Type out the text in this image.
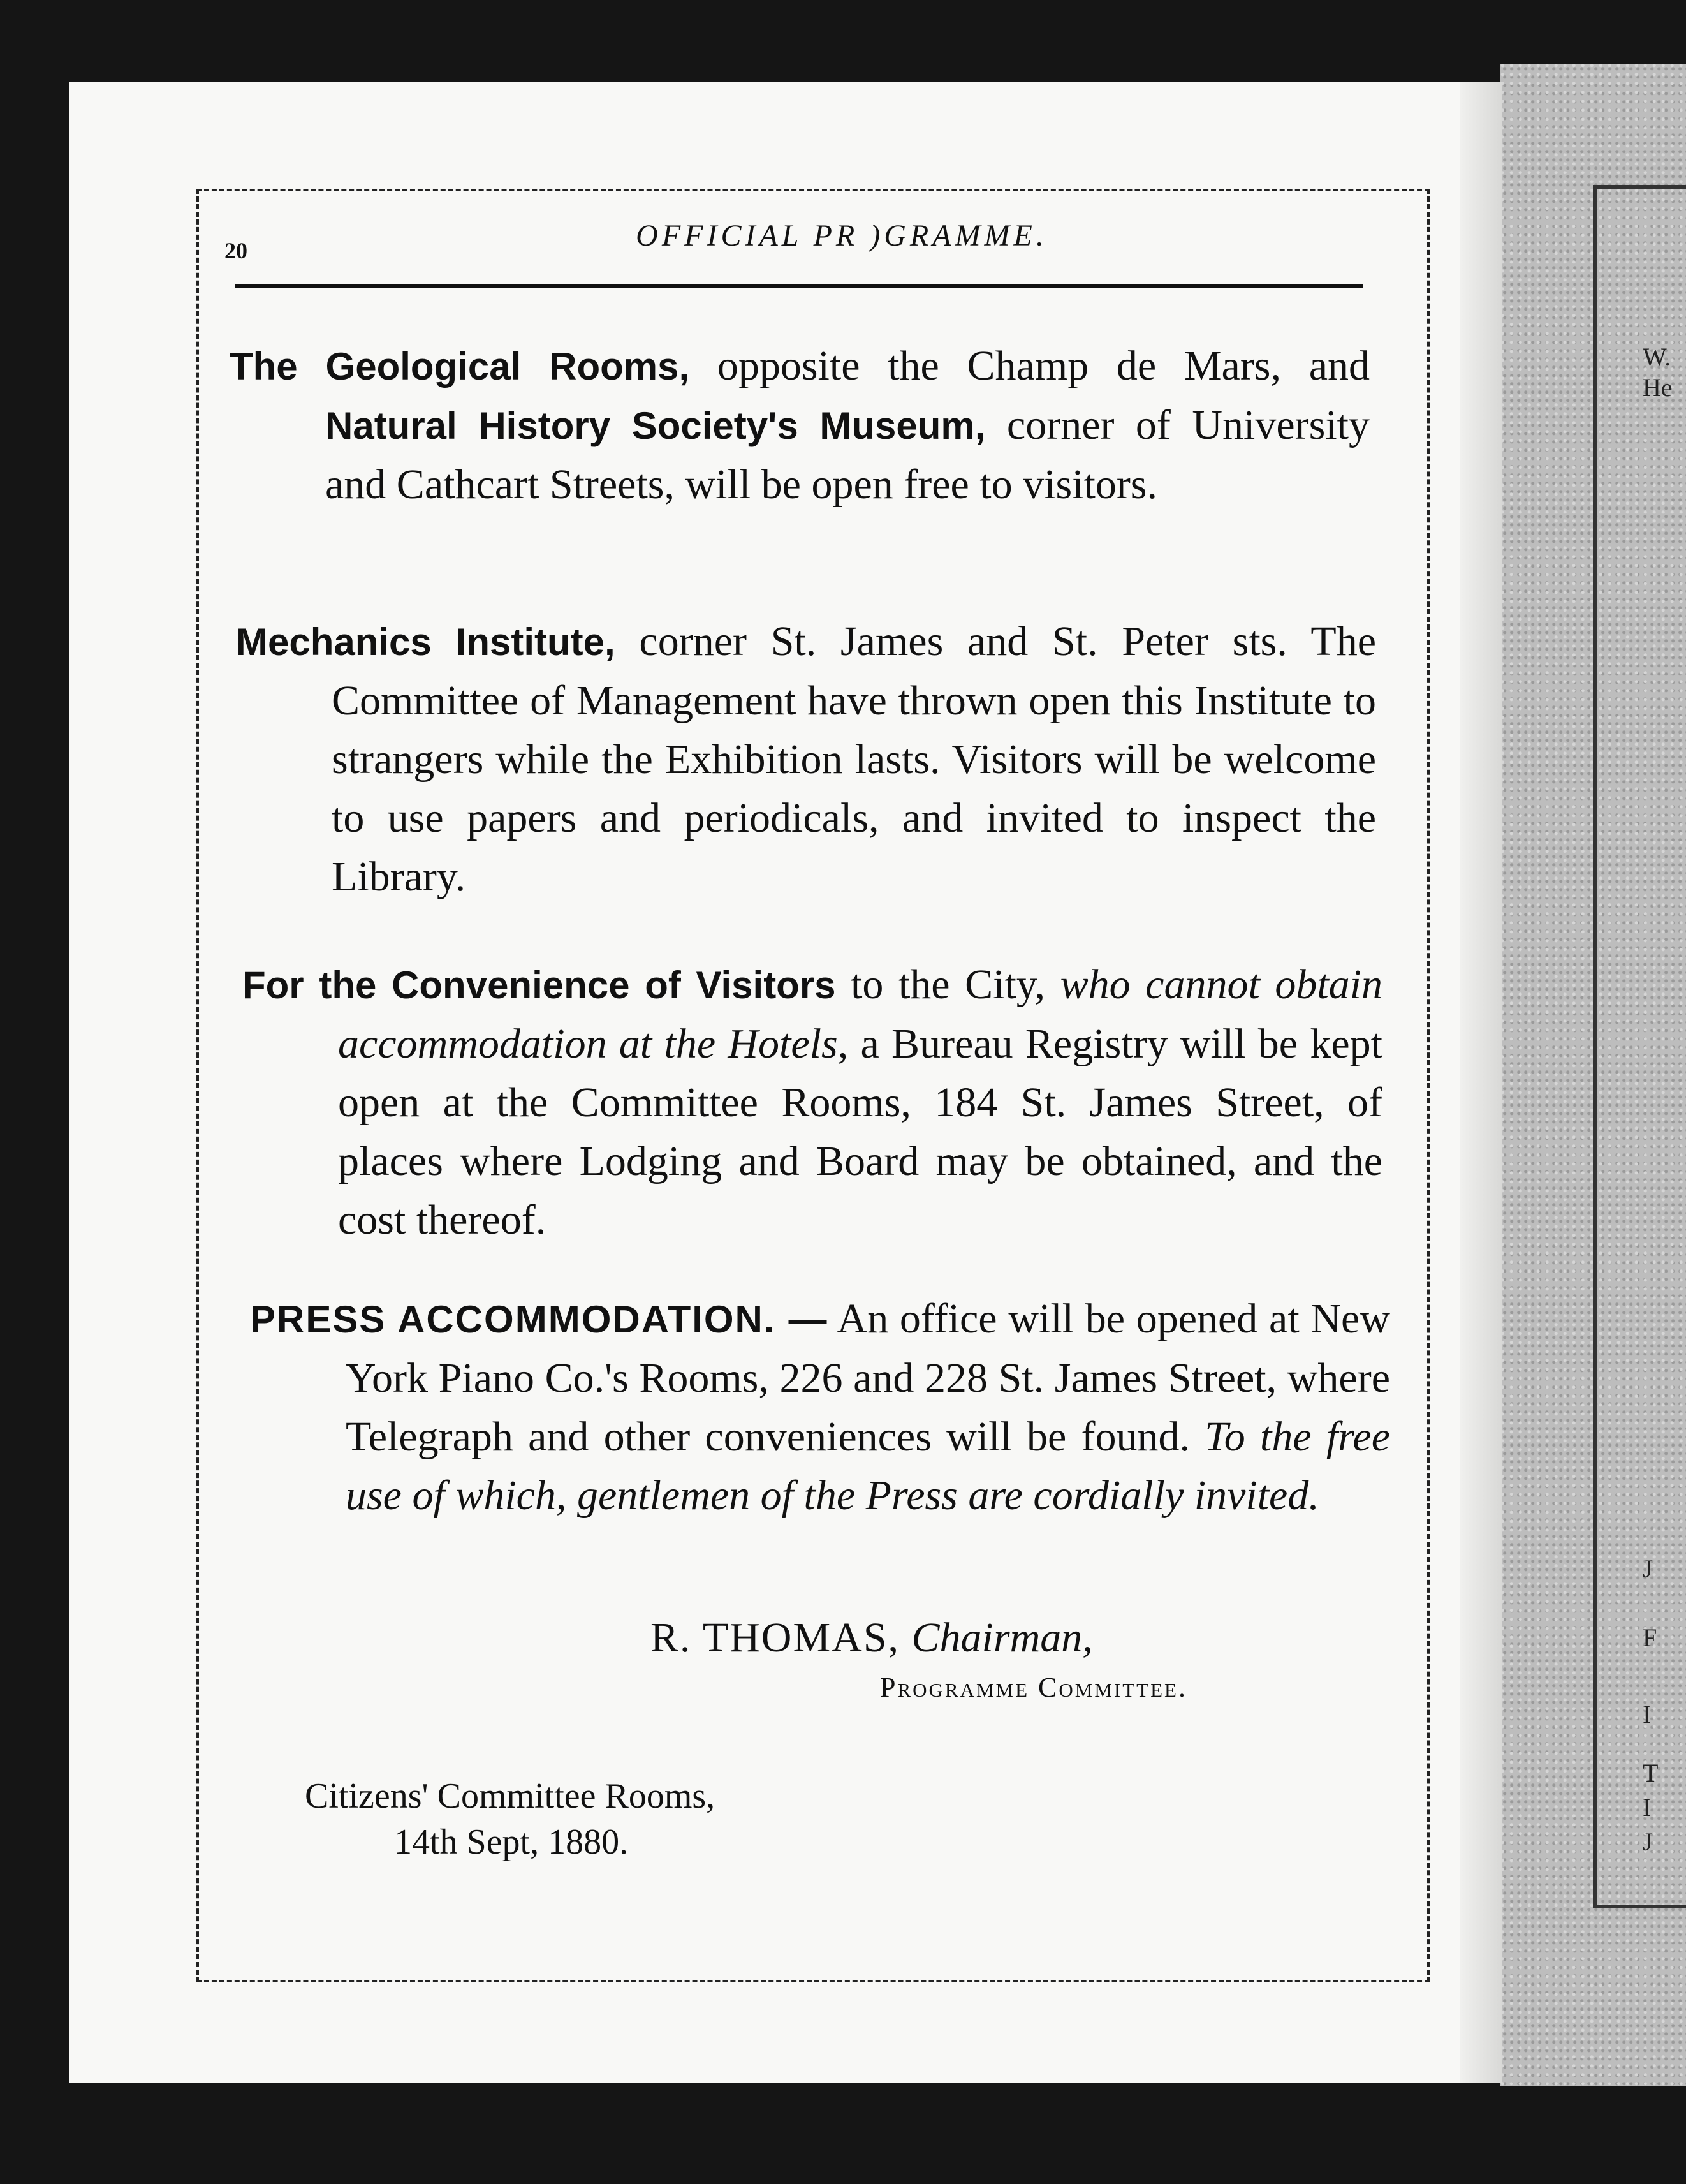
W.
He
J
F
I
T
I
J
20	OFFICIAL PR )GRAMME.
The Geological Rooms, opposite the Champ de Mars, and Natural History Society's Museum, corner of University and Cathcart Streets, will be open free to visitors.
Mechanics Institute, corner St. James and St. Peter sts. The Committee of Management have thrown open this Institute to strangers while the Exhibition lasts. Visitors will be welcome to use papers and periodicals, and invited to inspect the Library.
For the Convenience of Visitors to the City, who cannot obtain accommodation at the Hotels, a Bureau Registry will be kept open at the Committee Rooms, 184 St. James Street, of places where Lodging and Board may be obtained, and the cost thereof.
PRESS ACCOMMODATION. — An office will be opened at New York Piano Co.'s Rooms, 226 and 228 St. James Street, where Telegraph and other conveniences will be found. To the free use of which, gentlemen of the Press are cordially invited.
R. THOMAS, Chairman,
Programme Committee.
Citizens' Committee Rooms,
14th Sept, 1880.
